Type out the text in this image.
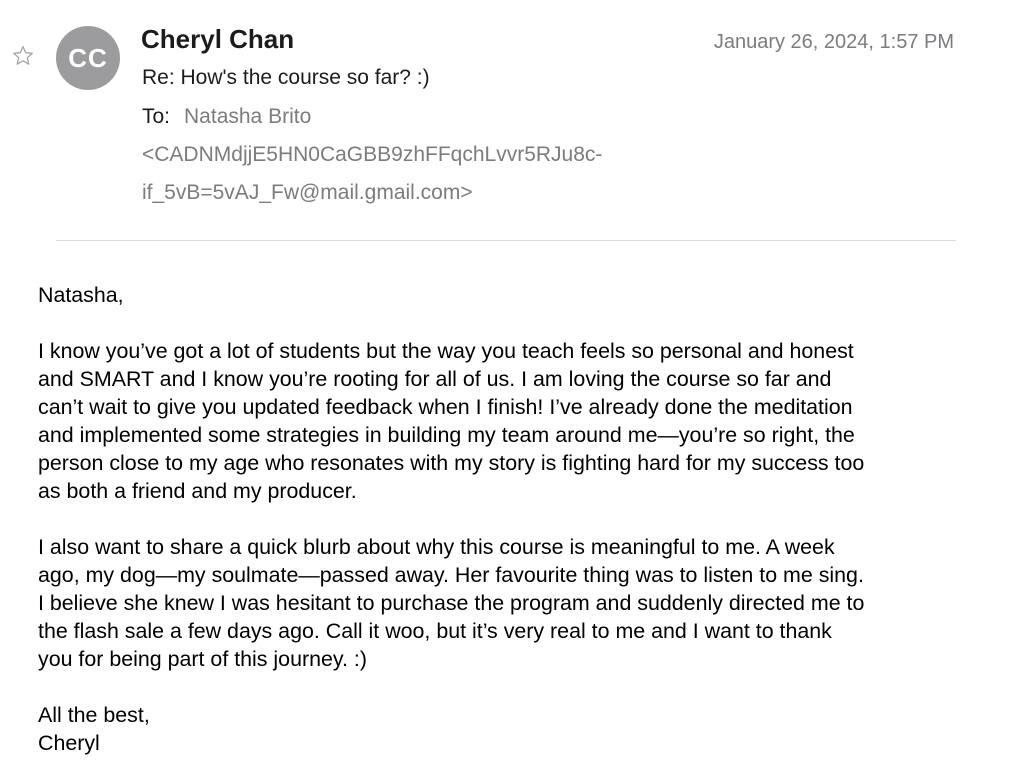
CC
Cheryl Chan	January 26, 2024, 1:57 PM
Re: How's the course so far? :)
To: Natasha Brito
<CADNMdjjE5HN0CaGBB9zhFFqchLvvr5RJu8c-
if_5vB=5vAJ_Fw@mail.gmail.com>

Natasha,

I know you’ve got a lot of students but the way you teach feels so personal and honest
and SMART and I know you’re rooting for all of us. I am loving the course so far and
can’t wait to give you updated feedback when I finish! I’ve already done the meditation
and implemented some strategies in building my team around me—you’re so right, the
person close to my age who resonates with my story is fighting hard for my success too
as both a friend and my producer.

I also want to share a quick blurb about why this course is meaningful to me. A week
ago, my dog—my soulmate—passed away. Her favourite thing was to listen to me sing.
I believe she knew I was hesitant to purchase the program and suddenly directed me to
the flash sale a few days ago. Call it woo, but it’s very real to me and I want to thank
you for being part of this journey. :)

All the best,

Cheryl
